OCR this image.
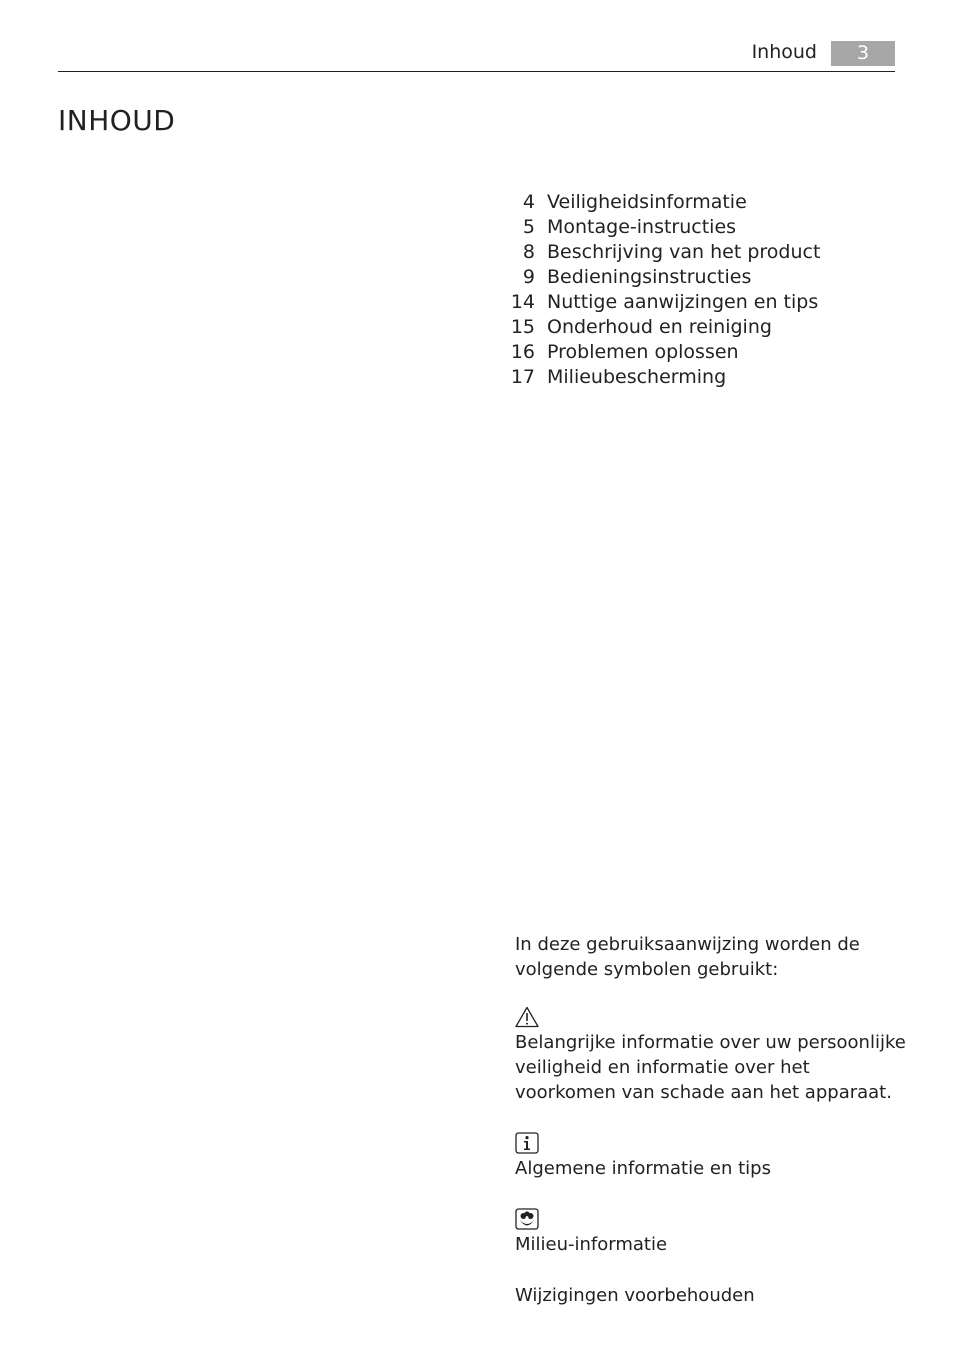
Inhoud	3
INHOUD
4 Veiligheidsinformatie
5 Montage-instructies
8 Beschrijving van het product
9 Bedieningsinstructies
14 Nuttige aanwijzingen en tips
15 Onderhoud en reiniging
16 Problemen oplossen
17 Milieubescherming

In deze gebruiksaanwijzing worden de volgende symbolen gebruikt:

Belangrijke informatie over uw persoonlijke veiligheid en informatie over het voorkomen van schade aan het apparaat.

Algemene informatie en tips

Milieu-informatie

Wijzigingen voorbehouden
